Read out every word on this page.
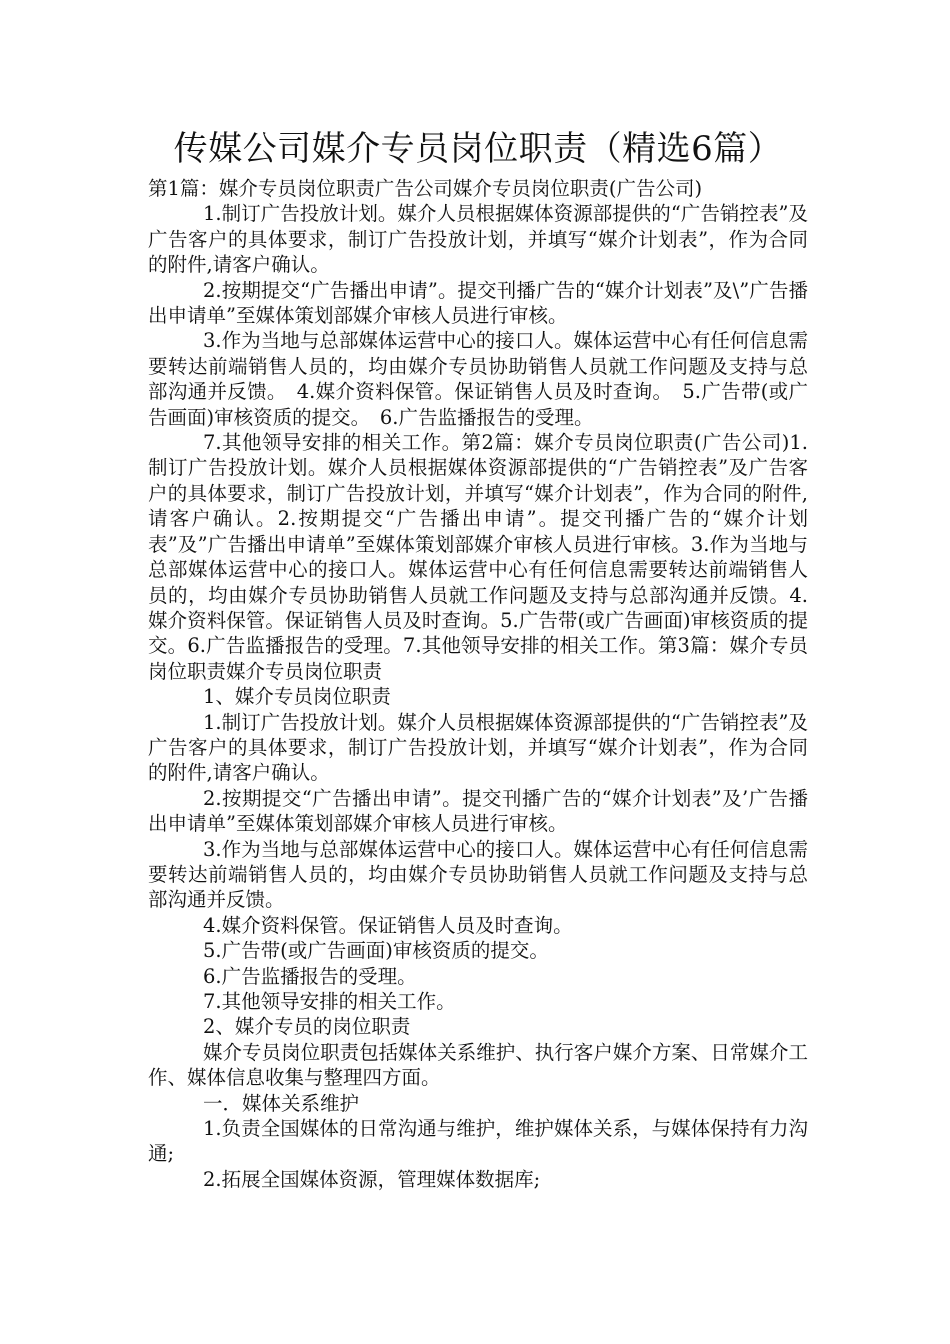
传媒公司媒介专员岗位职责（精选6篇）

第1篇：媒介专员岗位职责广告公司媒介专员岗位职责(广告公司)

1.制订广告投放计划。媒介人员根据媒体资源部提供的“广告销控表”及广告客户的具体要求，制订广告投放计划，并填写“媒介计划表”，作为合同的附件,请客户确认。

2.按期提交“广告播出申请”。提交刊播广告的“媒介计划表”及\”广告播出申请单”至媒体策划部媒介审核人员进行审核。

3.作为当地与总部媒体运营中心的接口人。媒体运营中心有任何信息需要转达前端销售人员的，均由媒介专员协助销售人员就工作问题及支持与总部沟通并反馈。　4.媒介资料保管。保证销售人员及时查询。　5.广告带(或广告画面)审核资质的提交。　6.广告监播报告的受理。

7.其他领导安排的相关工作。第2篇：媒介专员岗位职责(广告公司)1.制订广告投放计划。媒介人员根据媒体资源部提供的“广告销控表”及广告客户的具体要求，制订广告投放计划，并填写“媒介计划表”，作为合同的附件,请客户确认。2.按期提交“广告播出申请”。提交刊播广告的“媒介计划表”及”广告播出申请单”至媒体策划部媒介审核人员进行审核。3.作为当地与总部媒体运营中心的接口人。媒体运营中心有任何信息需要转达前端销售人员的，均由媒介专员协助销售人员就工作问题及支持与总部沟通并反馈。4.媒介资料保管。保证销售人员及时查询。5.广告带(或广告画面)审核资质的提交。6.广告监播报告的受理。7.其他领导安排的相关工作。第3篇：媒介专员岗位职责媒介专员岗位职责

1、媒介专员岗位职责

1.制订广告投放计划。媒介人员根据媒体资源部提供的“广告销控表”及广告客户的具体要求，制订广告投放计划，并填写“媒介计划表”，作为合同的附件,请客户确认。

2.按期提交“广告播出申请”。提交刊播广告的“媒介计划表”及’广告播出申请单”至媒体策划部媒介审核人员进行审核。

3.作为当地与总部媒体运营中心的接口人。媒体运营中心有任何信息需要转达前端销售人员的，均由媒介专员协助销售人员就工作问题及支持与总部沟通并反馈。

4.媒介资料保管。保证销售人员及时查询。

5.广告带(或广告画面)审核资质的提交。

6.广告监播报告的受理。

7.其他领导安排的相关工作。

2、媒介专员的岗位职责

媒介专员岗位职责包括媒体关系维护、执行客户媒介方案、日常媒介工作、媒体信息收集与整理四方面。

一．媒体关系维护

1.负责全国媒体的日常沟通与维护，维护媒体关系，与媒体保持有力沟通;

2.拓展全国媒体资源，管理媒体数据库;
